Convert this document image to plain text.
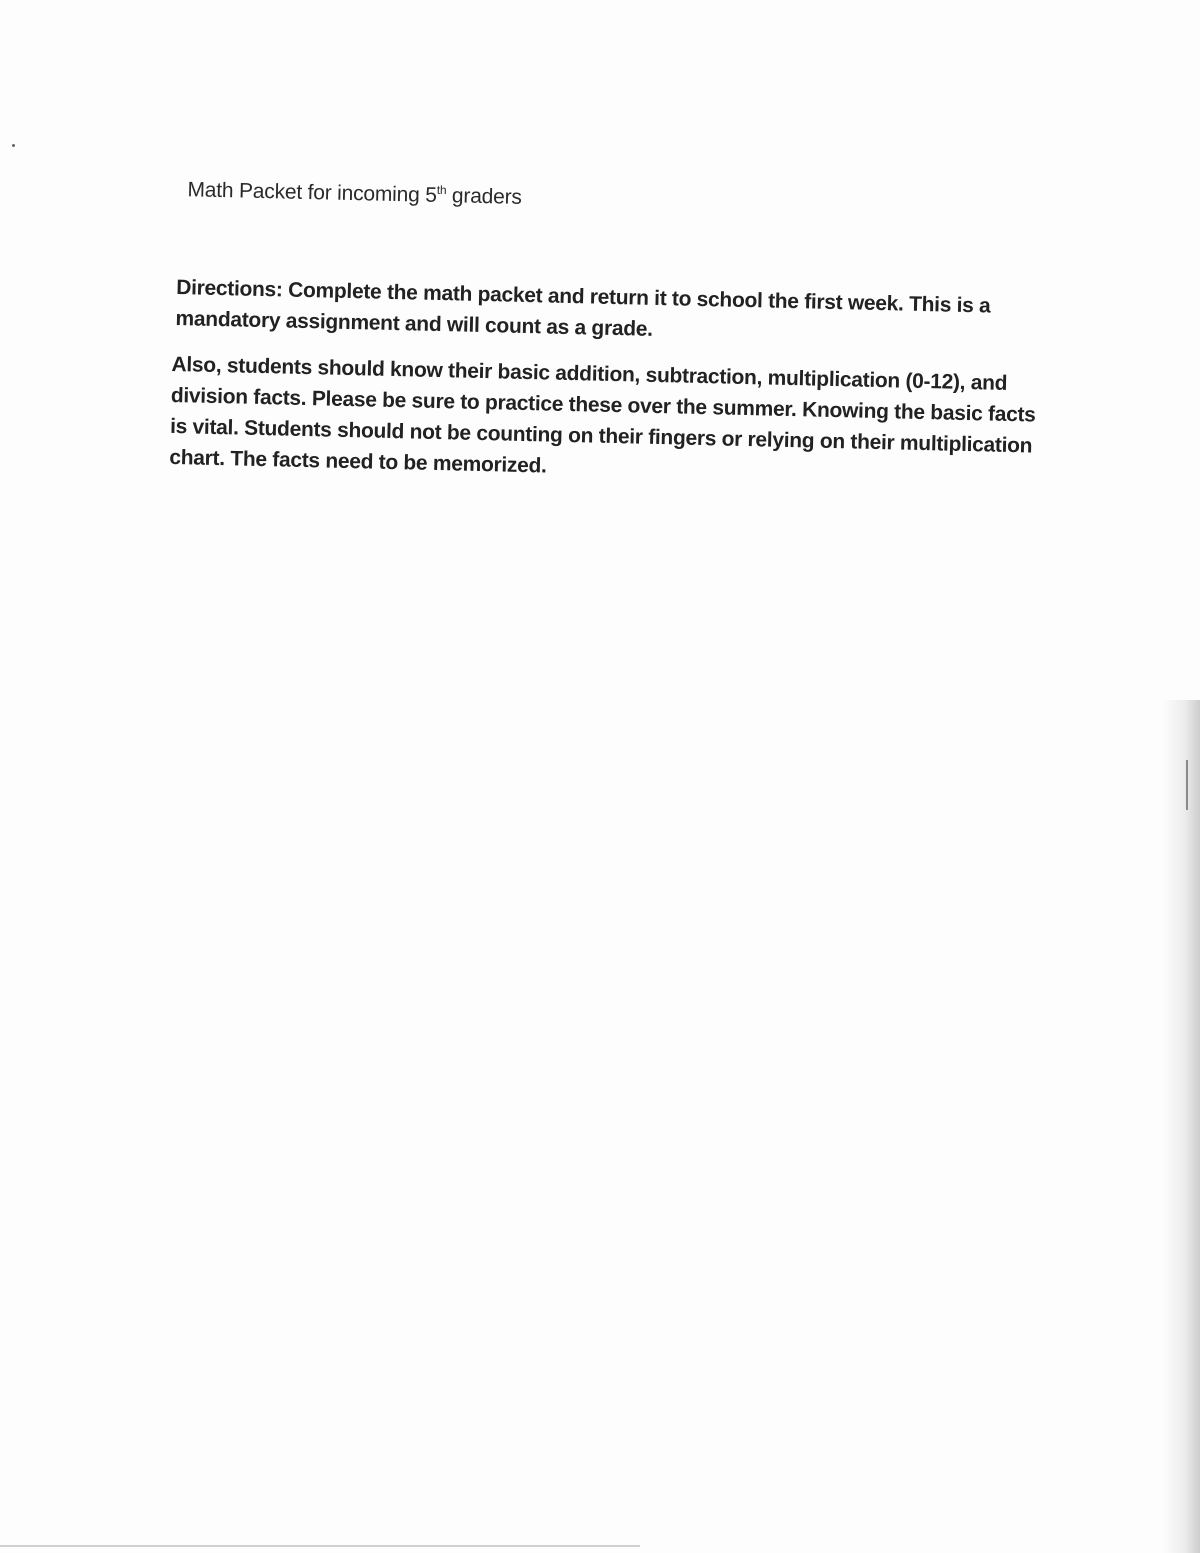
Math Packet for incoming 5th graders

Directions: Complete the math packet and return it to school the first week. This is a mandatory assignment and will count as a grade.

Also, students should know their basic addition, subtraction, multiplication (0-12), and division facts. Please be sure to practice these over the summer. Knowing the basic facts is vital. Students should not be counting on their fingers or relying on their multiplication chart. The facts need to be memorized.
